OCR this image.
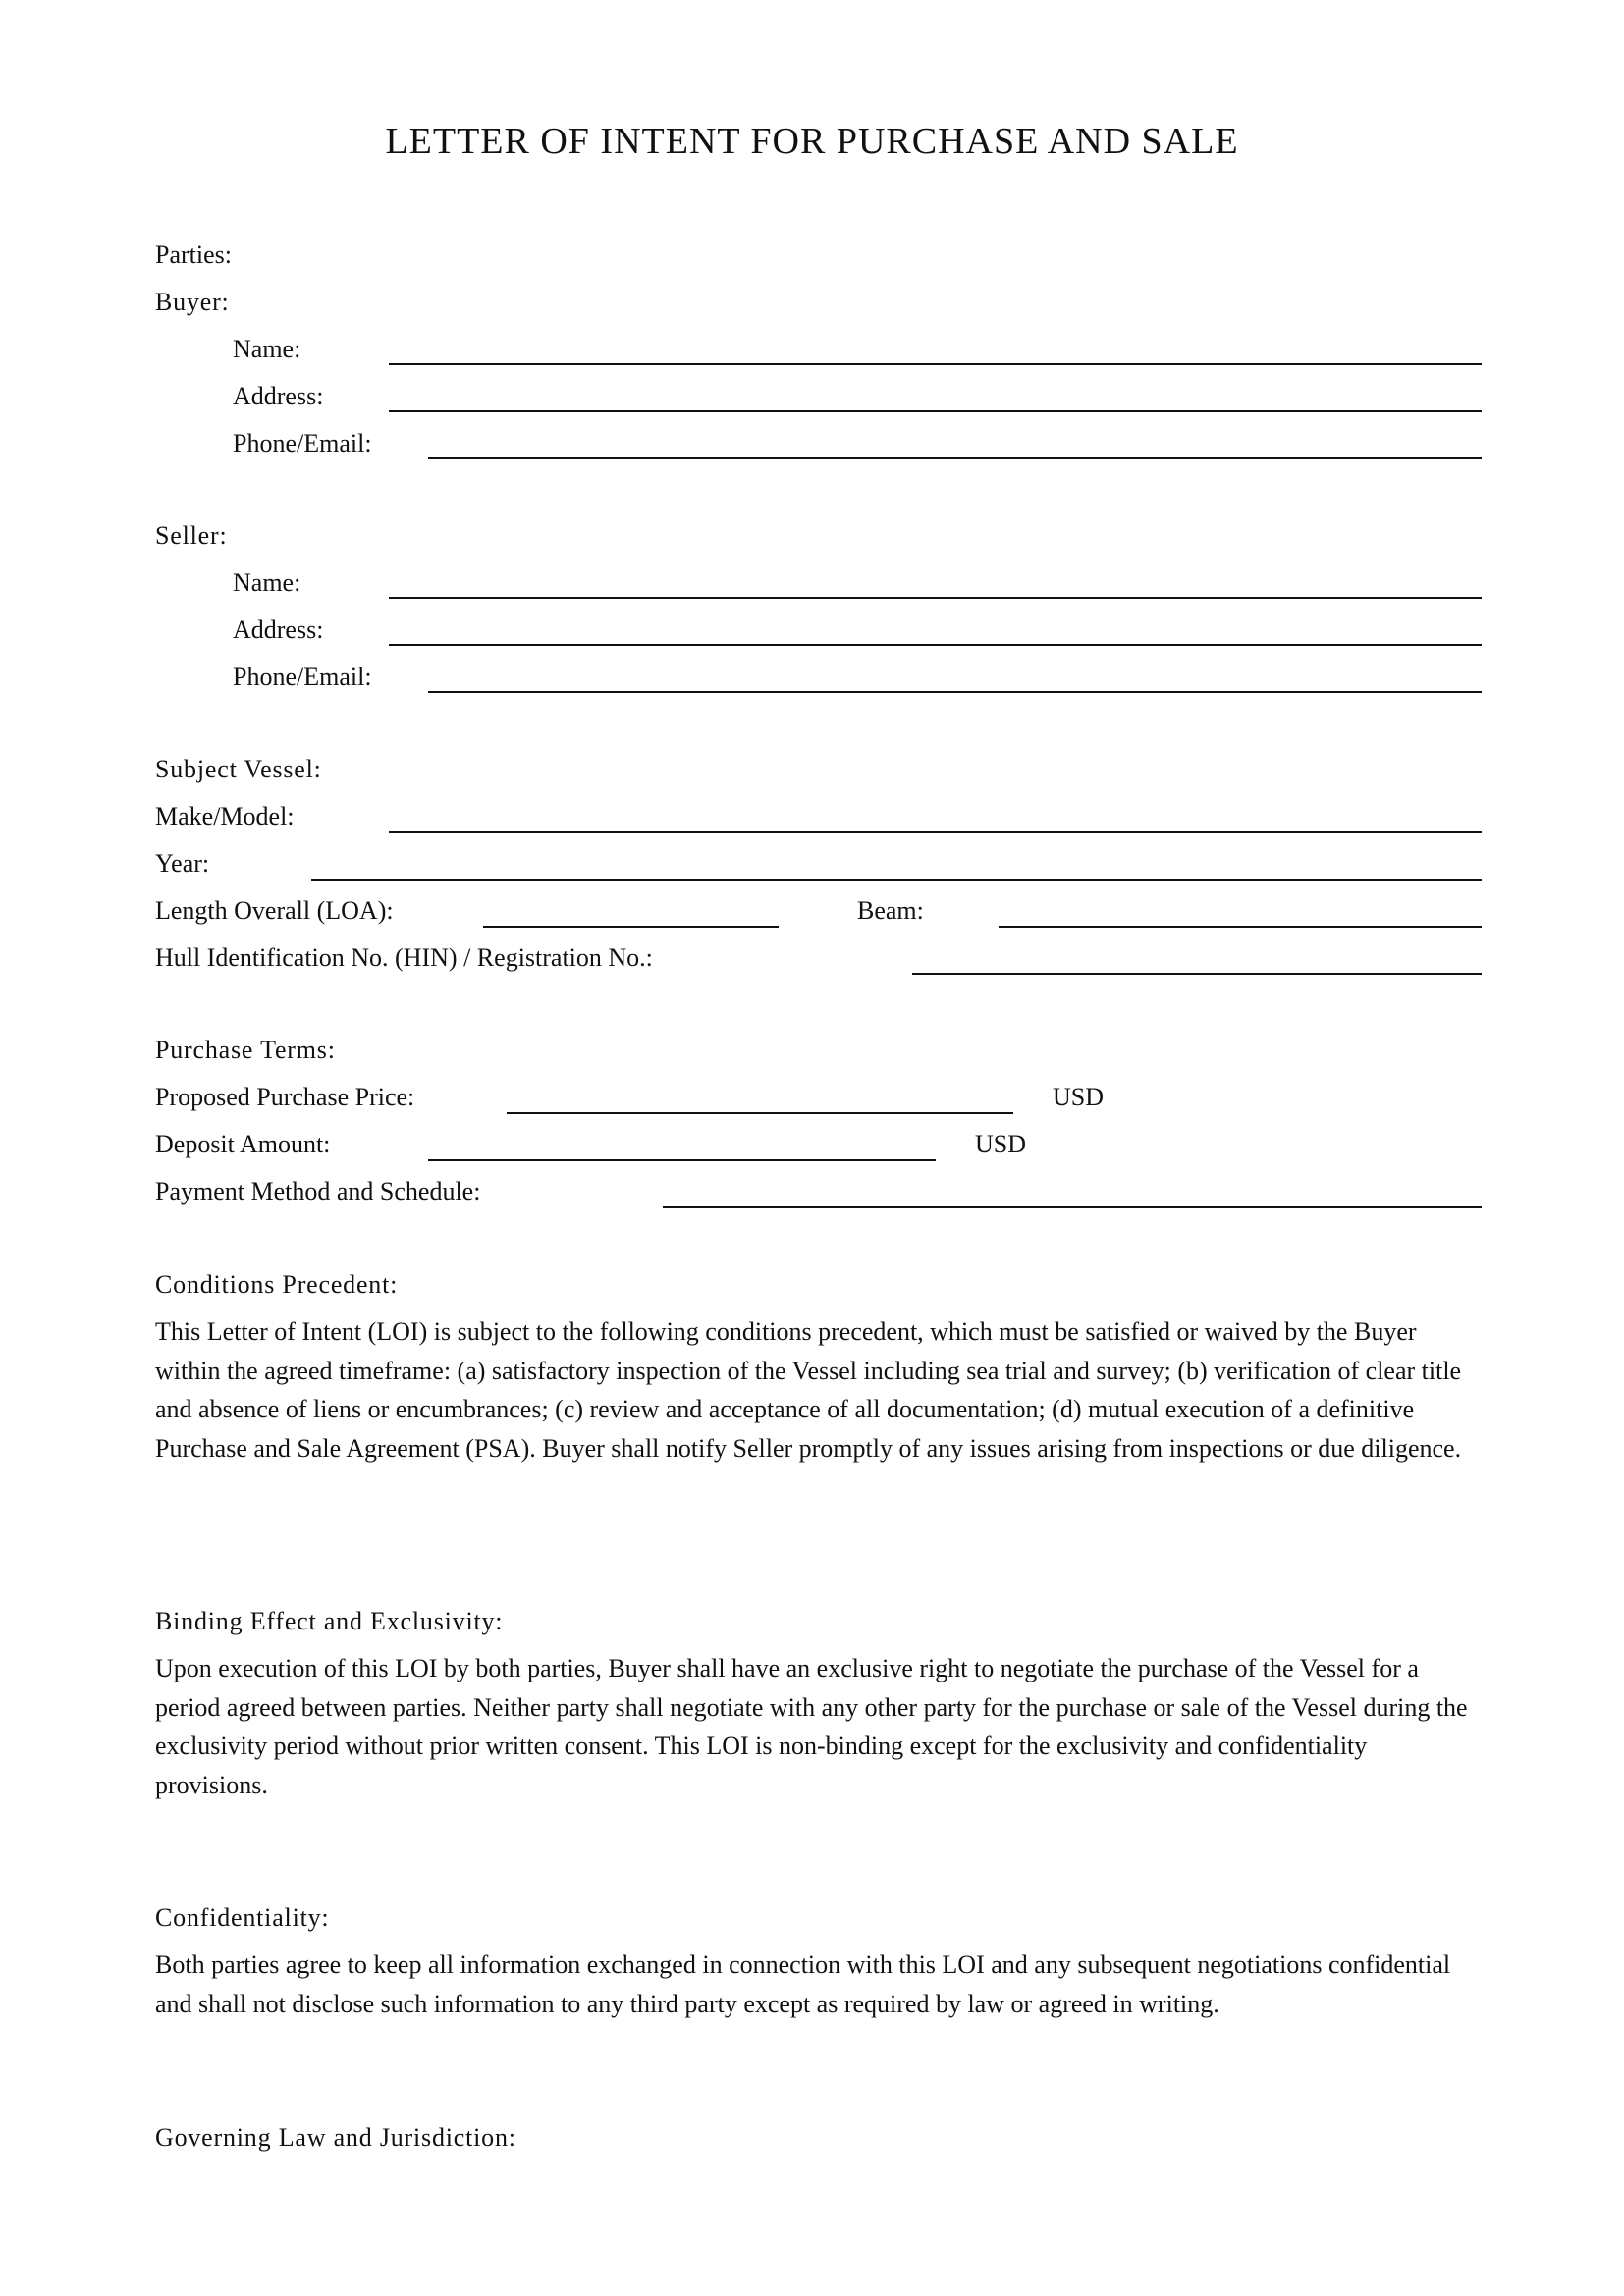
LETTER OF INTENT FOR PURCHASE AND SALE
Parties:
Buyer:
Name:
Address:
Phone/Email:
Seller:
Name:
Address:
Phone/Email:
Subject Vessel:
Make/Model:
Year:
Length Overall (LOA):	Beam:
Hull Identification No. (HIN) / Registration No.:
Purchase Terms:
Proposed Purchase Price:	USD
Deposit Amount:	USD
Payment Method and Schedule:
Conditions Precedent:
This Letter of Intent (LOI) is subject to the following conditions precedent, which must be satisfied or waived by the Buyer within the agreed timeframe: (a) satisfactory inspection of the Vessel including sea trial and survey; (b) verification of clear title and absence of liens or encumbrances; (c) review and acceptance of all documentation; (d) mutual execution of a definitive Purchase and Sale Agreement (PSA). Buyer shall notify Seller promptly of any issues arising from inspections or due diligence.
Binding Effect and Exclusivity:
Upon execution of this LOI by both parties, Buyer shall have an exclusive right to negotiate the purchase of the Vessel for a period agreed between parties. Neither party shall negotiate with any other party for the purchase or sale of the Vessel during the exclusivity period without prior written consent. This LOI is non-binding except for the exclusivity and confidentiality provisions.
Confidentiality:
Both parties agree to keep all information exchanged in connection with this LOI and any subsequent negotiations confidential and shall not disclose such information to any third party except as required by law or agreed in writing.
Governing Law and Jurisdiction:
